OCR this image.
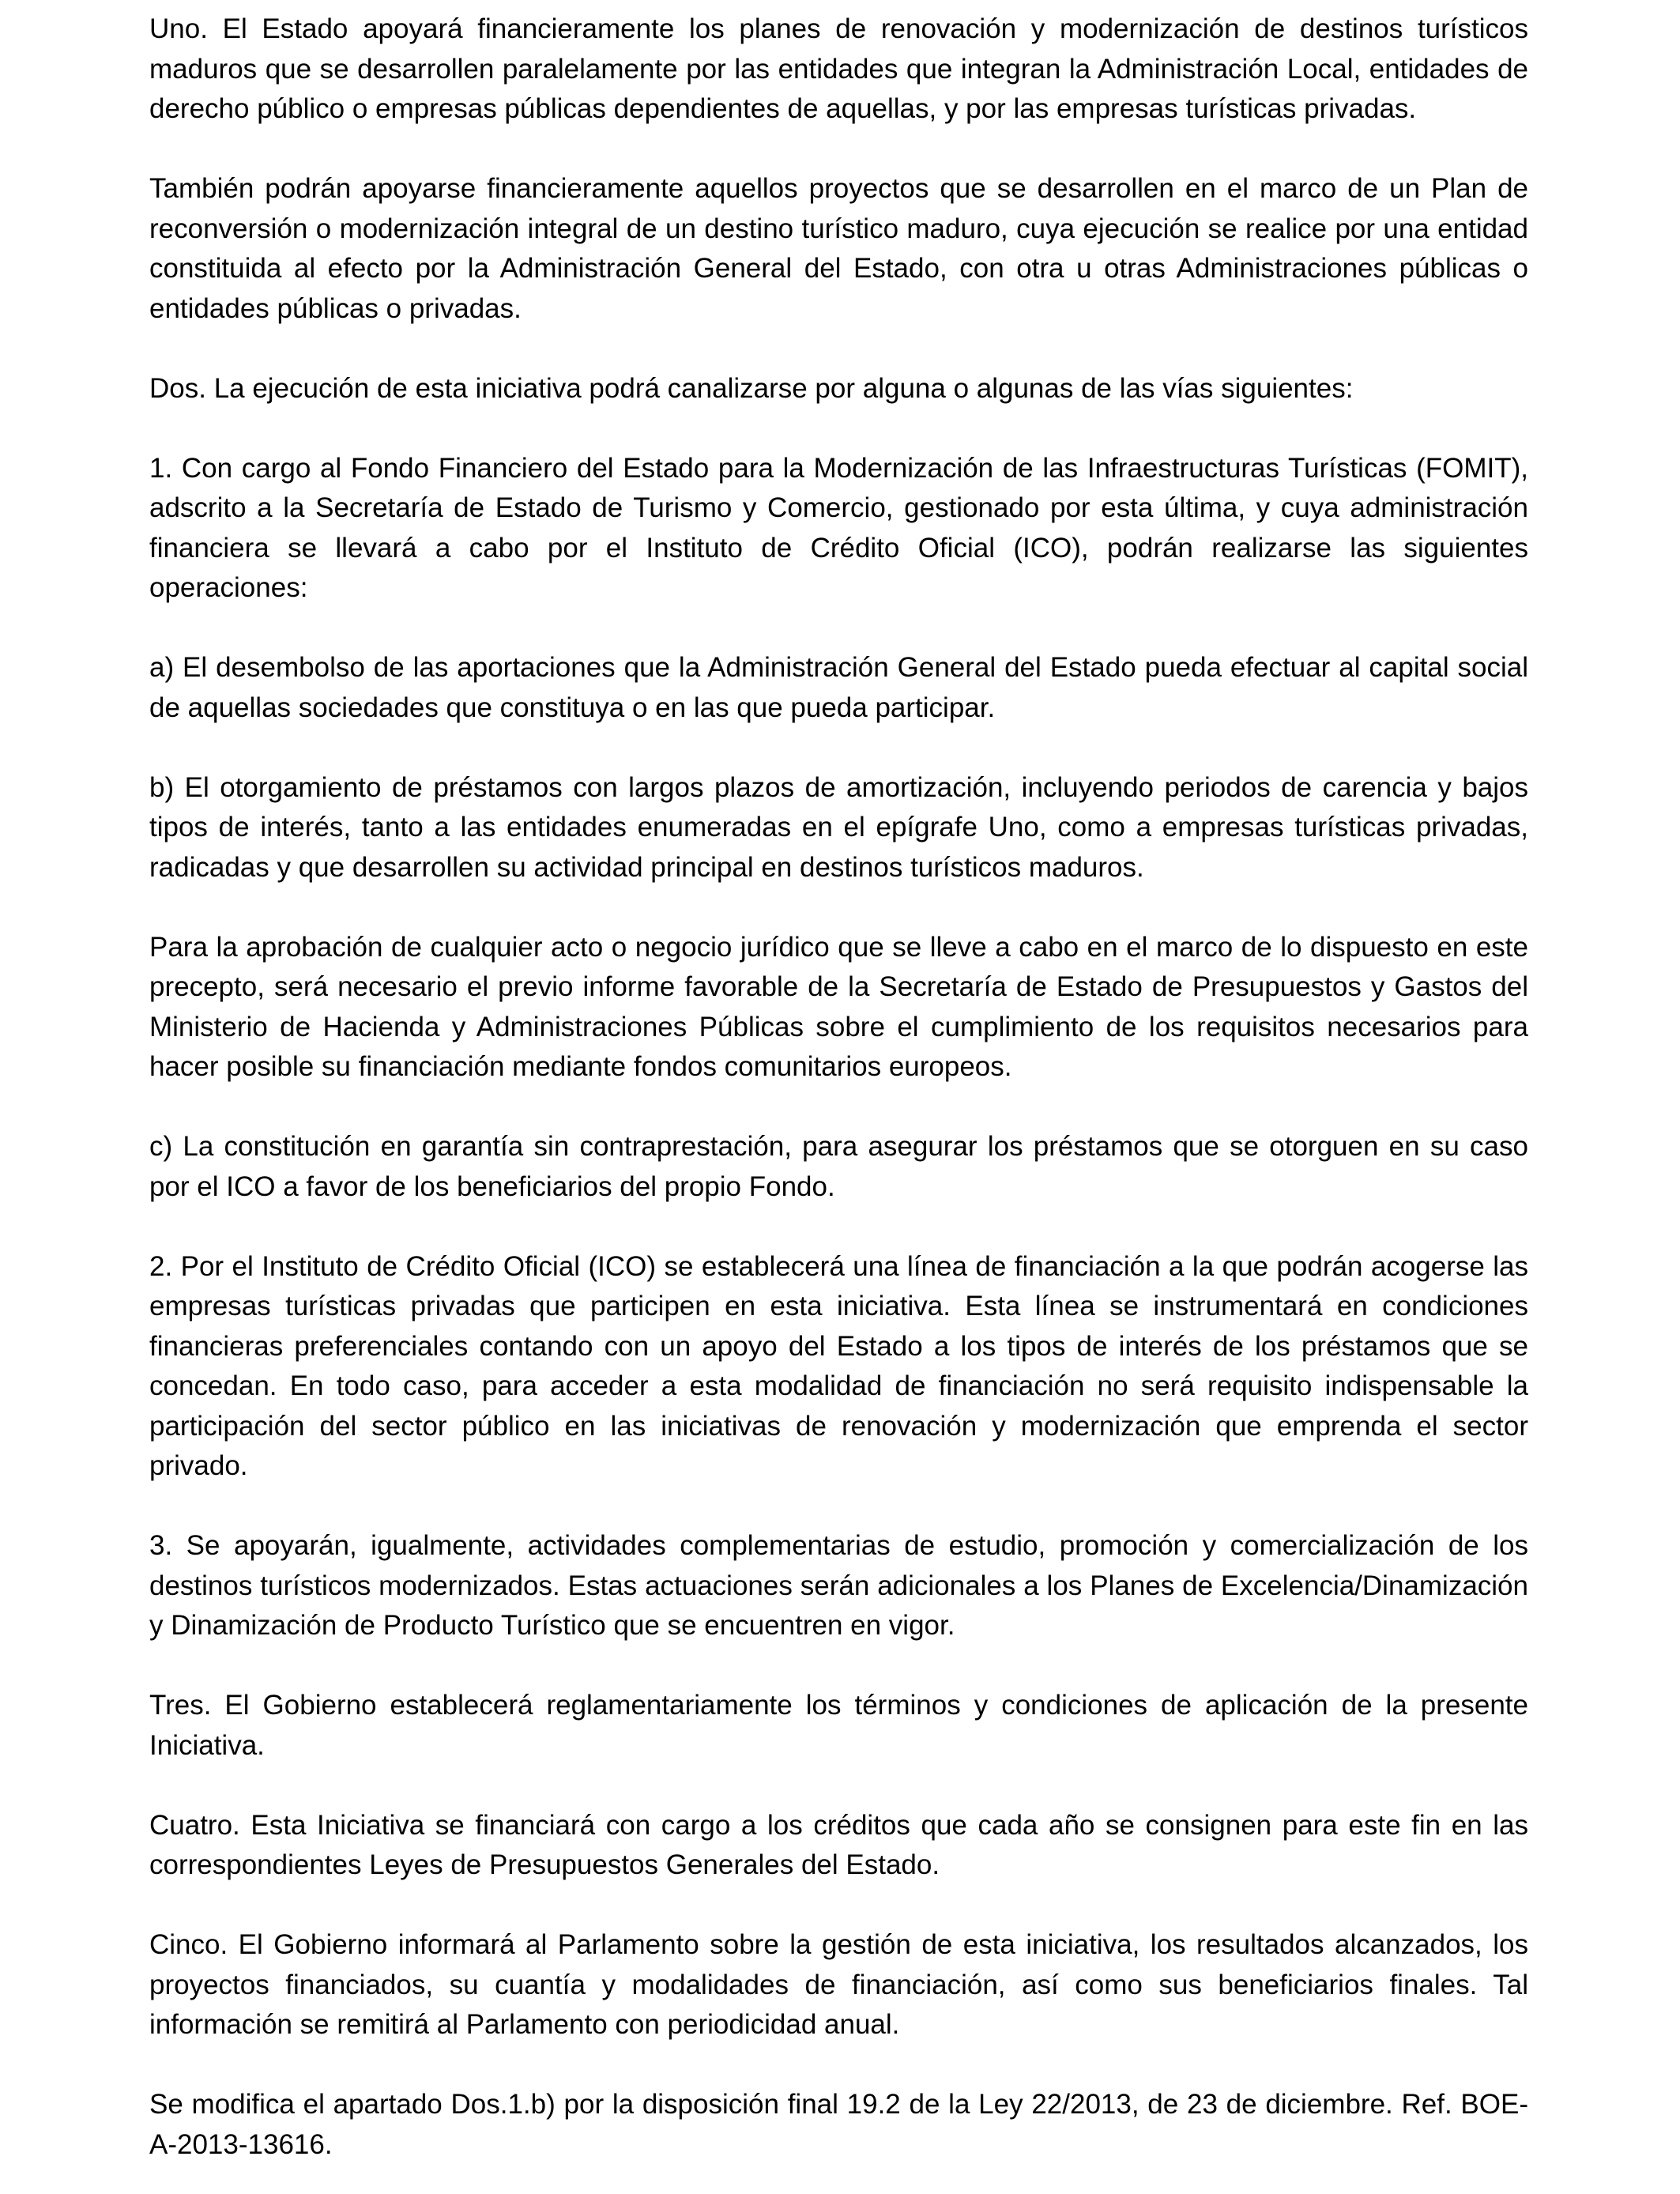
Uno. El Estado apoyará financieramente los planes de renovación y modernización de destinos turísticos maduros que se desarrollen paralelamente por las entidades que integran la Administración Local, entidades de derecho público o empresas públicas dependientes de aquellas, y por las empresas turísticas privadas.

También podrán apoyarse financieramente aquellos proyectos que se desarrollen en el marco de un Plan de reconversión o modernización integral de un destino turístico maduro, cuya ejecución se realice por una entidad constituida al efecto por la Administración General del Estado, con otra u otras Administraciones públicas o entidades públicas o privadas.

Dos. La ejecución de esta iniciativa podrá canalizarse por alguna o algunas de las vías siguientes:

1. Con cargo al Fondo Financiero del Estado para la Modernización de las Infraestructuras Turísticas (FOMIT), adscrito a la Secretaría de Estado de Turismo y Comercio, gestionado por esta última, y cuya administración financiera se llevará a cabo por el Instituto de Crédito Oficial (ICO), podrán realizarse las siguientes operaciones:

a) El desembolso de las aportaciones que la Administración General del Estado pueda efectuar al capital social de aquellas sociedades que constituya o en las que pueda participar.

b) El otorgamiento de préstamos con largos plazos de amortización, incluyendo periodos de carencia y bajos tipos de interés, tanto a las entidades enumeradas en el epígrafe Uno, como a empresas turísticas privadas, radicadas y que desarrollen su actividad principal en destinos turísticos maduros.

Para la aprobación de cualquier acto o negocio jurídico que se lleve a cabo en el marco de lo dispuesto en este precepto, será necesario el previo informe favorable de la Secretaría de Estado de Presupuestos y Gastos del Ministerio de Hacienda y Administraciones Públicas sobre el cumplimiento de los requisitos necesarios para hacer posible su financiación mediante fondos comunitarios europeos.

c) La constitución en garantía sin contraprestación, para asegurar los préstamos que se otorguen en su caso por el ICO a favor de los beneficiarios del propio Fondo.

2. Por el Instituto de Crédito Oficial (ICO) se establecerá una línea de financiación a la que podrán acogerse las empresas turísticas privadas que participen en esta iniciativa. Esta línea se instrumentará en condiciones financieras preferenciales contando con un apoyo del Estado a los tipos de interés de los préstamos que se concedan. En todo caso, para acceder a esta modalidad de financiación no será requisito indispensable la participación del sector público en las iniciativas de renovación y modernización que emprenda el sector privado.

3. Se apoyarán, igualmente, actividades complementarias de estudio, promoción y comercialización de los destinos turísticos modernizados. Estas actuaciones serán adicionales a los Planes de Excelencia/Dinamización y Dinamización de Producto Turístico que se encuentren en vigor.

Tres. El Gobierno establecerá reglamentariamente los términos y condiciones de aplicación de la presente Iniciativa.

Cuatro. Esta Iniciativa se financiará con cargo a los créditos que cada año se consignen para este fin en las correspondientes Leyes de Presupuestos Generales del Estado.

Cinco. El Gobierno informará al Parlamento sobre la gestión de esta iniciativa, los resultados alcanzados, los proyectos financiados, su cuantía y modalidades de financiación, así como sus beneficiarios finales. Tal información se remitirá al Parlamento con periodicidad anual.

Se modifica el apartado Dos.1.b) por la disposición final 19.2 de la Ley 22/2013, de 23 de diciembre. Ref. BOE-A-2013-13616.
